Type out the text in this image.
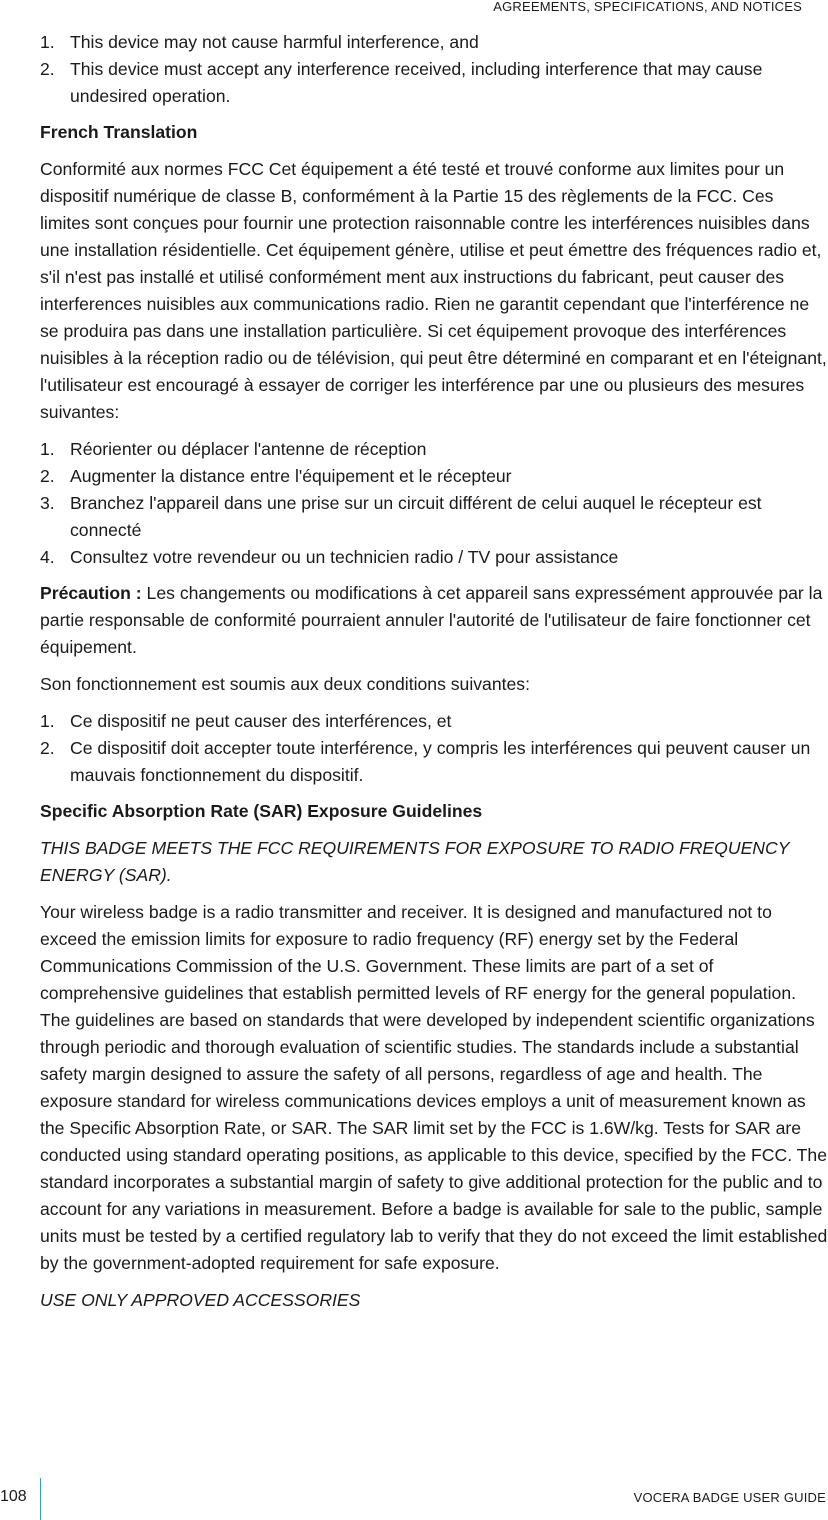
AGREEMENTS, SPECIFICATIONS, AND NOTICES
1. This device may not cause harmful interference, and
2. This device must accept any interference received, including interference that may cause undesired operation.
French Translation

Conformité aux normes FCC Cet équipement a été testé et trouvé conforme aux limites pour un dispositif numérique de classe B, conformément à la Partie 15 des règlements de la FCC. Ces limites sont conçues pour fournir une protection raisonnable contre les interférences nuisibles dans une installation résidentielle. Cet équipement génère, utilise et peut émettre des fréquences radio et, s'il n'est pas installé et utilisé conformément ment aux instructions du fabricant, peut causer des interferences nuisibles aux communications radio. Rien ne garantit cependant que l'interférence ne se produira pas dans une installation particulière. Si cet équipement provoque des interférences nuisibles à la réception radio ou de télévision, qui peut être déterminé en comparant et en l'éteignant, l'utilisateur est encouragé à essayer de corriger les interférence par une ou plusieurs des mesures suivantes:

1. Réorienter ou déplacer l'antenne de réception
2. Augmenter la distance entre l'équipement et le récepteur
3. Branchez l'appareil dans une prise sur un circuit différent de celui auquel le récepteur est connecté
4. Consultez votre revendeur ou un technicien radio / TV pour assistance

Précaution : Les changements ou modifications à cet appareil sans expressément approuvée par la partie responsable de conformité pourraient annuler l'autorité de l'utilisateur de faire fonctionner cet équipement.

Son fonctionnement est soumis aux deux conditions suivantes:

1. Ce dispositif ne peut causer des interférences, et
2. Ce dispositif doit accepter toute interférence, y compris les interférences qui peuvent causer un mauvais fonctionnement du dispositif.
Specific Absorption Rate (SAR) Exposure Guidelines

THIS BADGE MEETS THE FCC REQUIREMENTS FOR EXPOSURE TO RADIO FREQUENCY ENERGY (SAR).

Your wireless badge is a radio transmitter and receiver. It is designed and manufactured not to exceed the emission limits for exposure to radio frequency (RF) energy set by the Federal Communications Commission of the U.S. Government. These limits are part of a set of comprehensive guidelines that establish permitted levels of RF energy for the general population. The guidelines are based on standards that were developed by independent scientific organizations through periodic and thorough evaluation of scientific studies. The standards include a substantial safety margin designed to assure the safety of all persons, regardless of age and health. The exposure standard for wireless communications devices employs a unit of measurement known as the Specific Absorption Rate, or SAR. The SAR limit set by the FCC is 1.6W/kg. Tests for SAR are conducted using standard operating positions, as applicable to this device, specified by the FCC. The standard incorporates a substantial margin of safety to give additional protection for the public and to account for any variations in measurement. Before a badge is available for sale to the public, sample units must be tested by a certified regulatory lab to verify that they do not exceed the limit established by the government-adopted requirement for safe exposure.

USE ONLY APPROVED ACCESSORIES

108	VOCERA BADGE USER GUIDE
